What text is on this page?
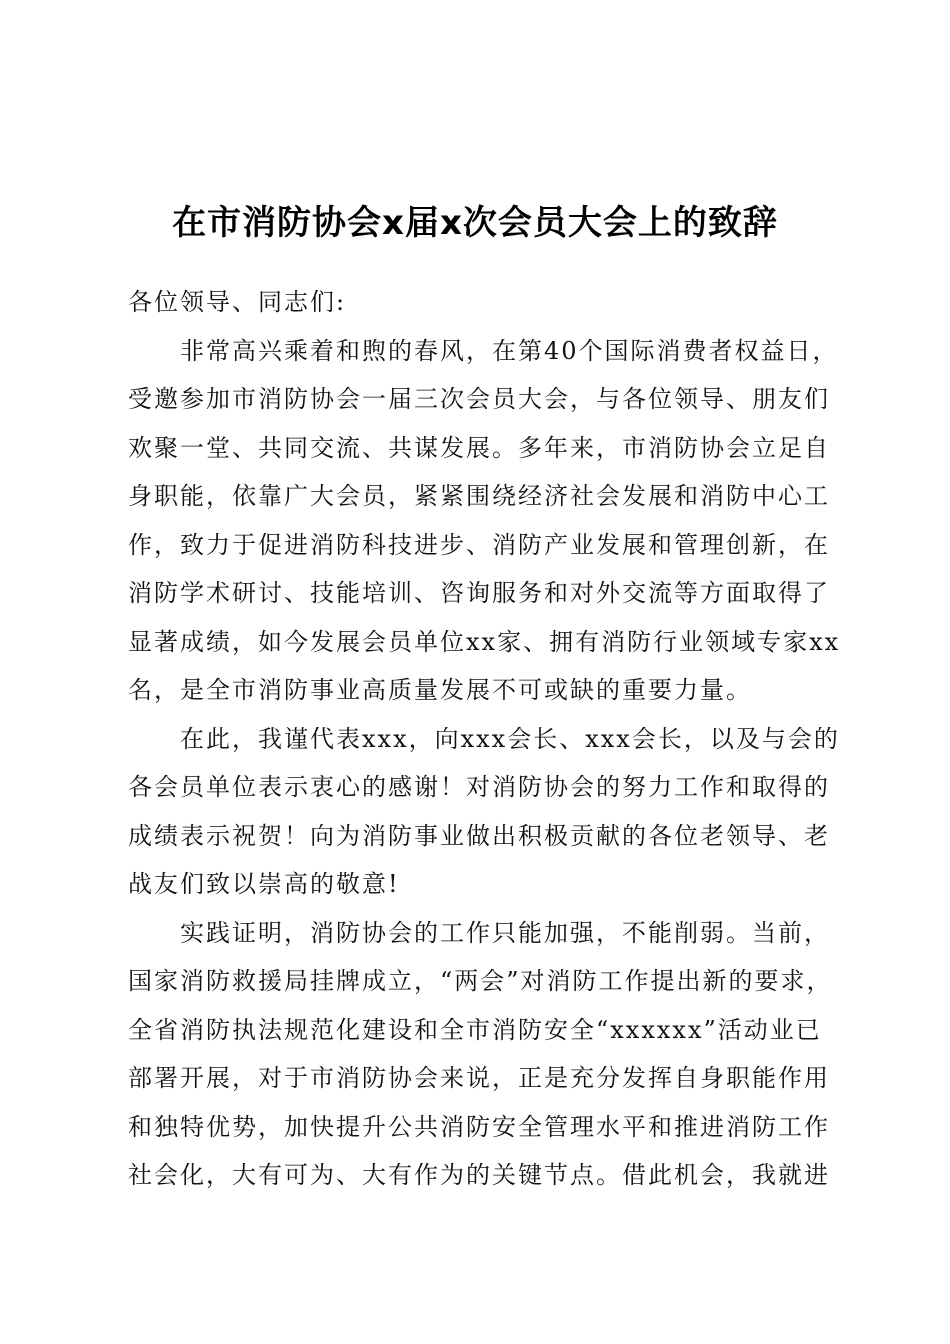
在市消防协会x届x次会员大会上的致辞
各位领导、同志们:
非常高兴乘着和煦的春风，在第40个国际消费者权益日，
受邀参加市消防协会一届三次会员大会，与各位领导、朋友们
欢聚一堂、共同交流、共谋发展。多年来，市消防协会立足自
身职能，依靠广大会员，紧紧围绕经济社会发展和消防中心工
作，致力于促进消防科技进步、消防产业发展和管理创新，在
消防学术研讨、技能培训、咨询服务和对外交流等方面取得了
显著成绩，如今发展会员单位xx家、拥有消防行业领域专家xx
名，是全市消防事业高质量发展不可或缺的重要力量。
在此，我谨代表xxx，向xxx会长、xxx会长，以及与会的
各会员单位表示衷心的感谢！对消防协会的努力工作和取得的
成绩表示祝贺！向为消防事业做出积极贡献的各位老领导、老
战友们致以崇高的敬意!
实践证明，消防协会的工作只能加强，不能削弱。当前，
国家消防救援局挂牌成立，“两会”对消防工作提出新的要求，
全省消防执法规范化建设和全市消防安全“xxxxxx”活动业已
部署开展，对于市消防协会来说，正是充分发挥自身职能作用
和独特优势，加快提升公共消防安全管理水平和推进消防工作
社会化，大有可为、大有作为的关键节点。借此机会，我就进
